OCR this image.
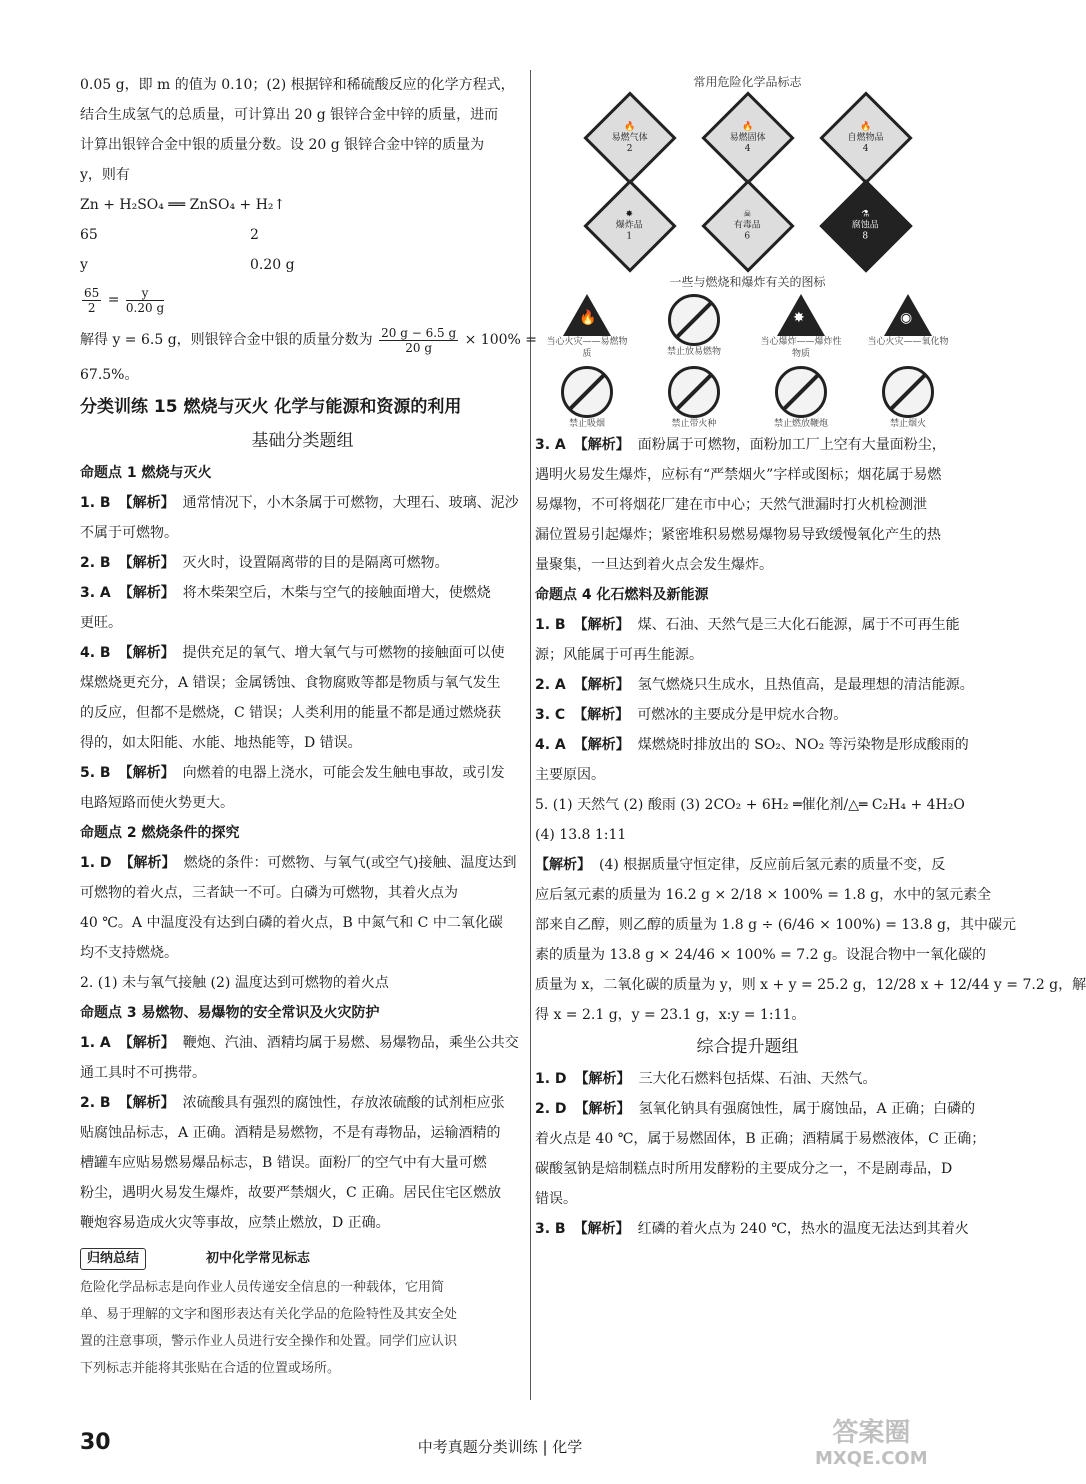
0.05 g，即 m 的值为 0.10；(2) 根据锌和稀硫酸反应的化学方程式，
结合生成氢气的总质量，可计算出 20 g 银锌合金中锌的质量，进而
计算出银锌合金中银的质量分数。设 20 g 银锌合金中锌的质量为
y，则有
Zn + H₂SO₄ ══ ZnSO₄ + H₂↑
65	2
y	0.20 g
$\frac{65}{2} = \frac{y}{0.20 g}$
解得 y = 6.5 g，则银锌合金中银的质量分数为 $\frac{20 g - 6.5 g}{20 g} \times 100\%$ =
67.5%。
分类训练 15 燃烧与灭火 化学与能源和资源的利用
基础分类题组
命题点 1 燃烧与灭火
1. B 【解析】 通常情况下，小木条属于可燃物，大理石、玻璃、泥沙
不属于可燃物。
2. B 【解析】 灭火时，设置隔离带的目的是隔离可燃物。
3. A 【解析】 将木柴架空后，木柴与空气的接触面增大，使燃烧
更旺。
4. B 【解析】 提供充足的氧气、增大氧气与可燃物的接触面可以使
煤燃烧更充分，A 错误；金属锈蚀、食物腐败等都是物质与氧气发生
的反应，但都不是燃烧，C 错误；人类利用的能量不都是通过燃烧获
得的，如太阳能、水能、地热能等，D 错误。
5. B 【解析】 向燃着的电器上浇水，可能会发生触电事故，或引发
电路短路而使火势更大。
命题点 2 燃烧条件的探究
1. D 【解析】 燃烧的条件：可燃物、与氧气(或空气)接触、温度达到
可燃物的着火点，三者缺一不可。白磷为可燃物，其着火点为
40 ℃。A 中温度没有达到白磷的着火点，B 中氮气和 C 中二氧化碳
均不支持燃烧。
2. (1) 未与氧气接触 (2) 温度达到可燃物的着火点
命题点 3 易燃物、易爆物的安全常识及火灾防护
1. A 【解析】 鞭炮、汽油、酒精均属于易燃、易爆物品，乘坐公共交
通工具时不可携带。
2. B 【解析】 浓硫酸具有强烈的腐蚀性，存放浓硫酸的试剂柜应张
贴腐蚀品标志，A 正确。酒精是易燃物，不是有毒物品，运输酒精的
槽罐车应贴易燃易爆品标志，B 错误。面粉厂的空气中有大量可燃
粉尘，遇明火易发生爆炸，故要严禁烟火，C 正确。居民住宅区燃放
鞭炮容易造成火灾等事故，应禁止燃放，D 正确。
归纳总结	初中化学常见标志
危险化学品标志是向作业人员传递安全信息的一种载体，它用简
单、易于理解的文字和图形表达有关化学品的危险特性及其安全处
置的注意事项，警示作业人员进行安全操作和处置。同学们应认识
下列标志并能将其张贴在合适的位置或场所。
常用危险化学品标志
🔥
易燃气体
2
🔥
易燃固体
4
🔥
自燃物品
4
✸
爆炸品
1
☠
有毒品
6
⚗
腐蚀品
8
一些与燃烧和爆炸有关的图标
🔥
当心火灾——易燃物质	禁止放易燃物
✸
当心爆炸——爆炸性物质
◉
当心火灾——氧化物
禁止吸烟	禁止带火种	禁止燃放鞭炮	禁止烟火
3. A 【解析】 面粉属于可燃物，面粉加工厂上空有大量面粉尘，
遇明火易发生爆炸，应标有“严禁烟火”字样或图标；烟花属于易燃
易爆物，不可将烟花厂建在市中心；天然气泄漏时打火机检测泄
漏位置易引起爆炸；紧密堆积易燃易爆物易导致缓慢氧化产生的热
量聚集，一旦达到着火点会发生爆炸。
命题点 4 化石燃料及新能源
1. B 【解析】 煤、石油、天然气是三大化石能源，属于不可再生能
源；风能属于可再生能源。
2. A 【解析】 氢气燃烧只生成水，且热值高，是最理想的清洁能源。
3. C 【解析】 可燃冰的主要成分是甲烷水合物。
4. A 【解析】 煤燃烧时排放出的 SO₂、NO₂ 等污染物是形成酸雨的
主要原因。
5. (1) 天然气 (2) 酸雨 (3) 2CO₂ + 6H₂ ═催化剂/△═ C₂H₄ + 4H₂O
(4) 13.8 1:11
【解析】 (4) 根据质量守恒定律，反应前后氢元素的质量不变，反
应后氢元素的质量为 16.2 g × 2/18 × 100% = 1.8 g，水中的氢元素全
部来自乙醇，则乙醇的质量为 1.8 g ÷ (6/46 × 100%) = 13.8 g，其中碳元
素的质量为 13.8 g × 24/46 × 100% = 7.2 g。设混合物中一氧化碳的
质量为 x，二氧化碳的质量为 y，则 x + y = 25.2 g，12/28 x + 12/44 y = 7.2 g，解
得 x = 2.1 g，y = 23.1 g，x:y = 1:11。
综合提升题组
1. D 【解析】 三大化石燃料包括煤、石油、天然气。
2. D 【解析】 氢氧化钠具有强腐蚀性，属于腐蚀品，A 正确；白磷的
着火点是 40 ℃，属于易燃固体，B 正确；酒精属于易燃液体，C 正确；
碳酸氢钠是焙制糕点时所用发酵粉的主要成分之一，不是剧毒品，D
错误。
3. B 【解析】 红磷的着火点为 240 ℃，热水的温度无法达到其着火
30	中考真题分类训练 | 化学	答案圈
MXQE.COM
